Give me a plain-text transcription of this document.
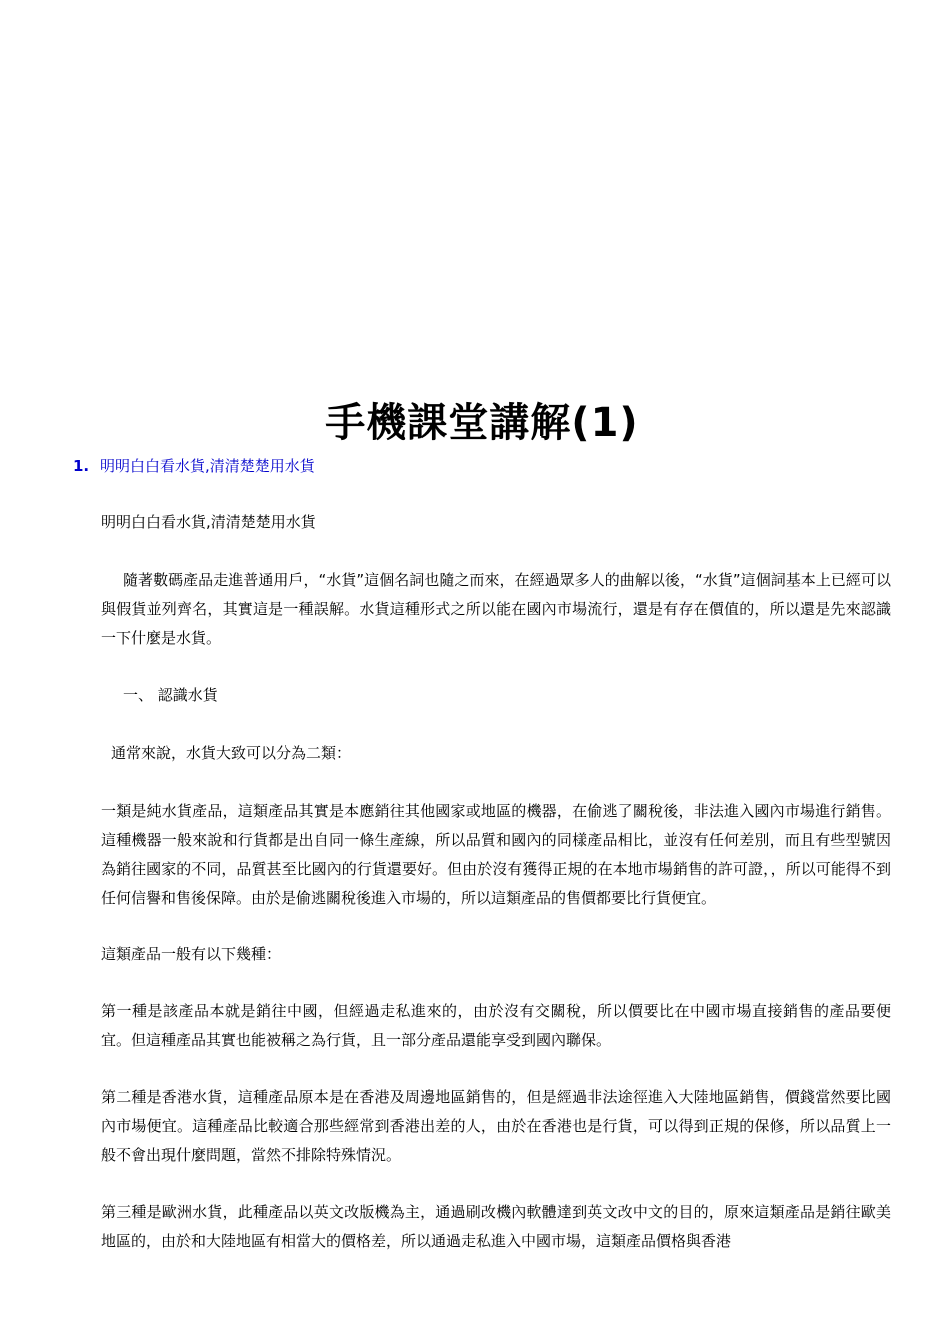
手機課堂講解(1)
1. 明明白白看水貨,清清楚楚用水貨

明明白白看水貨,清清楚楚用水貨

隨著數碼產品走進普通用戶，“水貨”這個名詞也隨之而來，在經過眾多人的曲解以後，“水貨”這個詞基本上已經可以與假貨並列齊名，其實這是一種誤解。水貨這種形式之所以能在國內市場流行，還是有存在價值的，所以還是先來認識一下什麼是水貨。

一、 認識水貨

通常來說，水貨大致可以分為二類：

一類是純水貨產品，這類產品其實是本應銷往其他國家或地區的機器，在偷逃了關稅後，非法進入國內市場進行銷售。 這種機器一般來說和行貨都是出自同一條生產線，所以品質和國內的同樣產品相比，並沒有任何差別，而且有些型號因為銷往國家的不同，品質甚至比國內的行貨還要好。但由於沒有獲得正規的在本地市場銷售的許可證，，所以可能得不到任何信譽和售後保障。由於是偷逃關稅後進入市場的，所以這類產品的售價都要比行貨便宜。

這類產品一般有以下幾種：

第一種是該產品本就是銷往中國，但經過走私進來的，由於沒有交關稅，所以價要比在中國市場直接銷售的產品要便宜。但這種產品其實也能被稱之為行貨，且一部分產品還能享受到國內聯保。

第二種是香港水貨，這種產品原本是在香港及周邊地區銷售的，但是經過非法途徑進入大陸地區銷售，價錢當然要比國內市場便宜。這種產品比較適合那些經常到香港出差的人，由於在香港也是行貨，可以得到正規的保修，所以品質上一般不會出現什麼問題，當然不排除特殊情況。

第三種是歐洲水貨，此種產品以英文改版機為主，通過刷改機內軟體達到英文改中文的目的，原來這類產品是銷往歐美地區的，由於和大陸地區有相當大的價格差，所以通過走私進入中國市場，這類產品價格與香港
